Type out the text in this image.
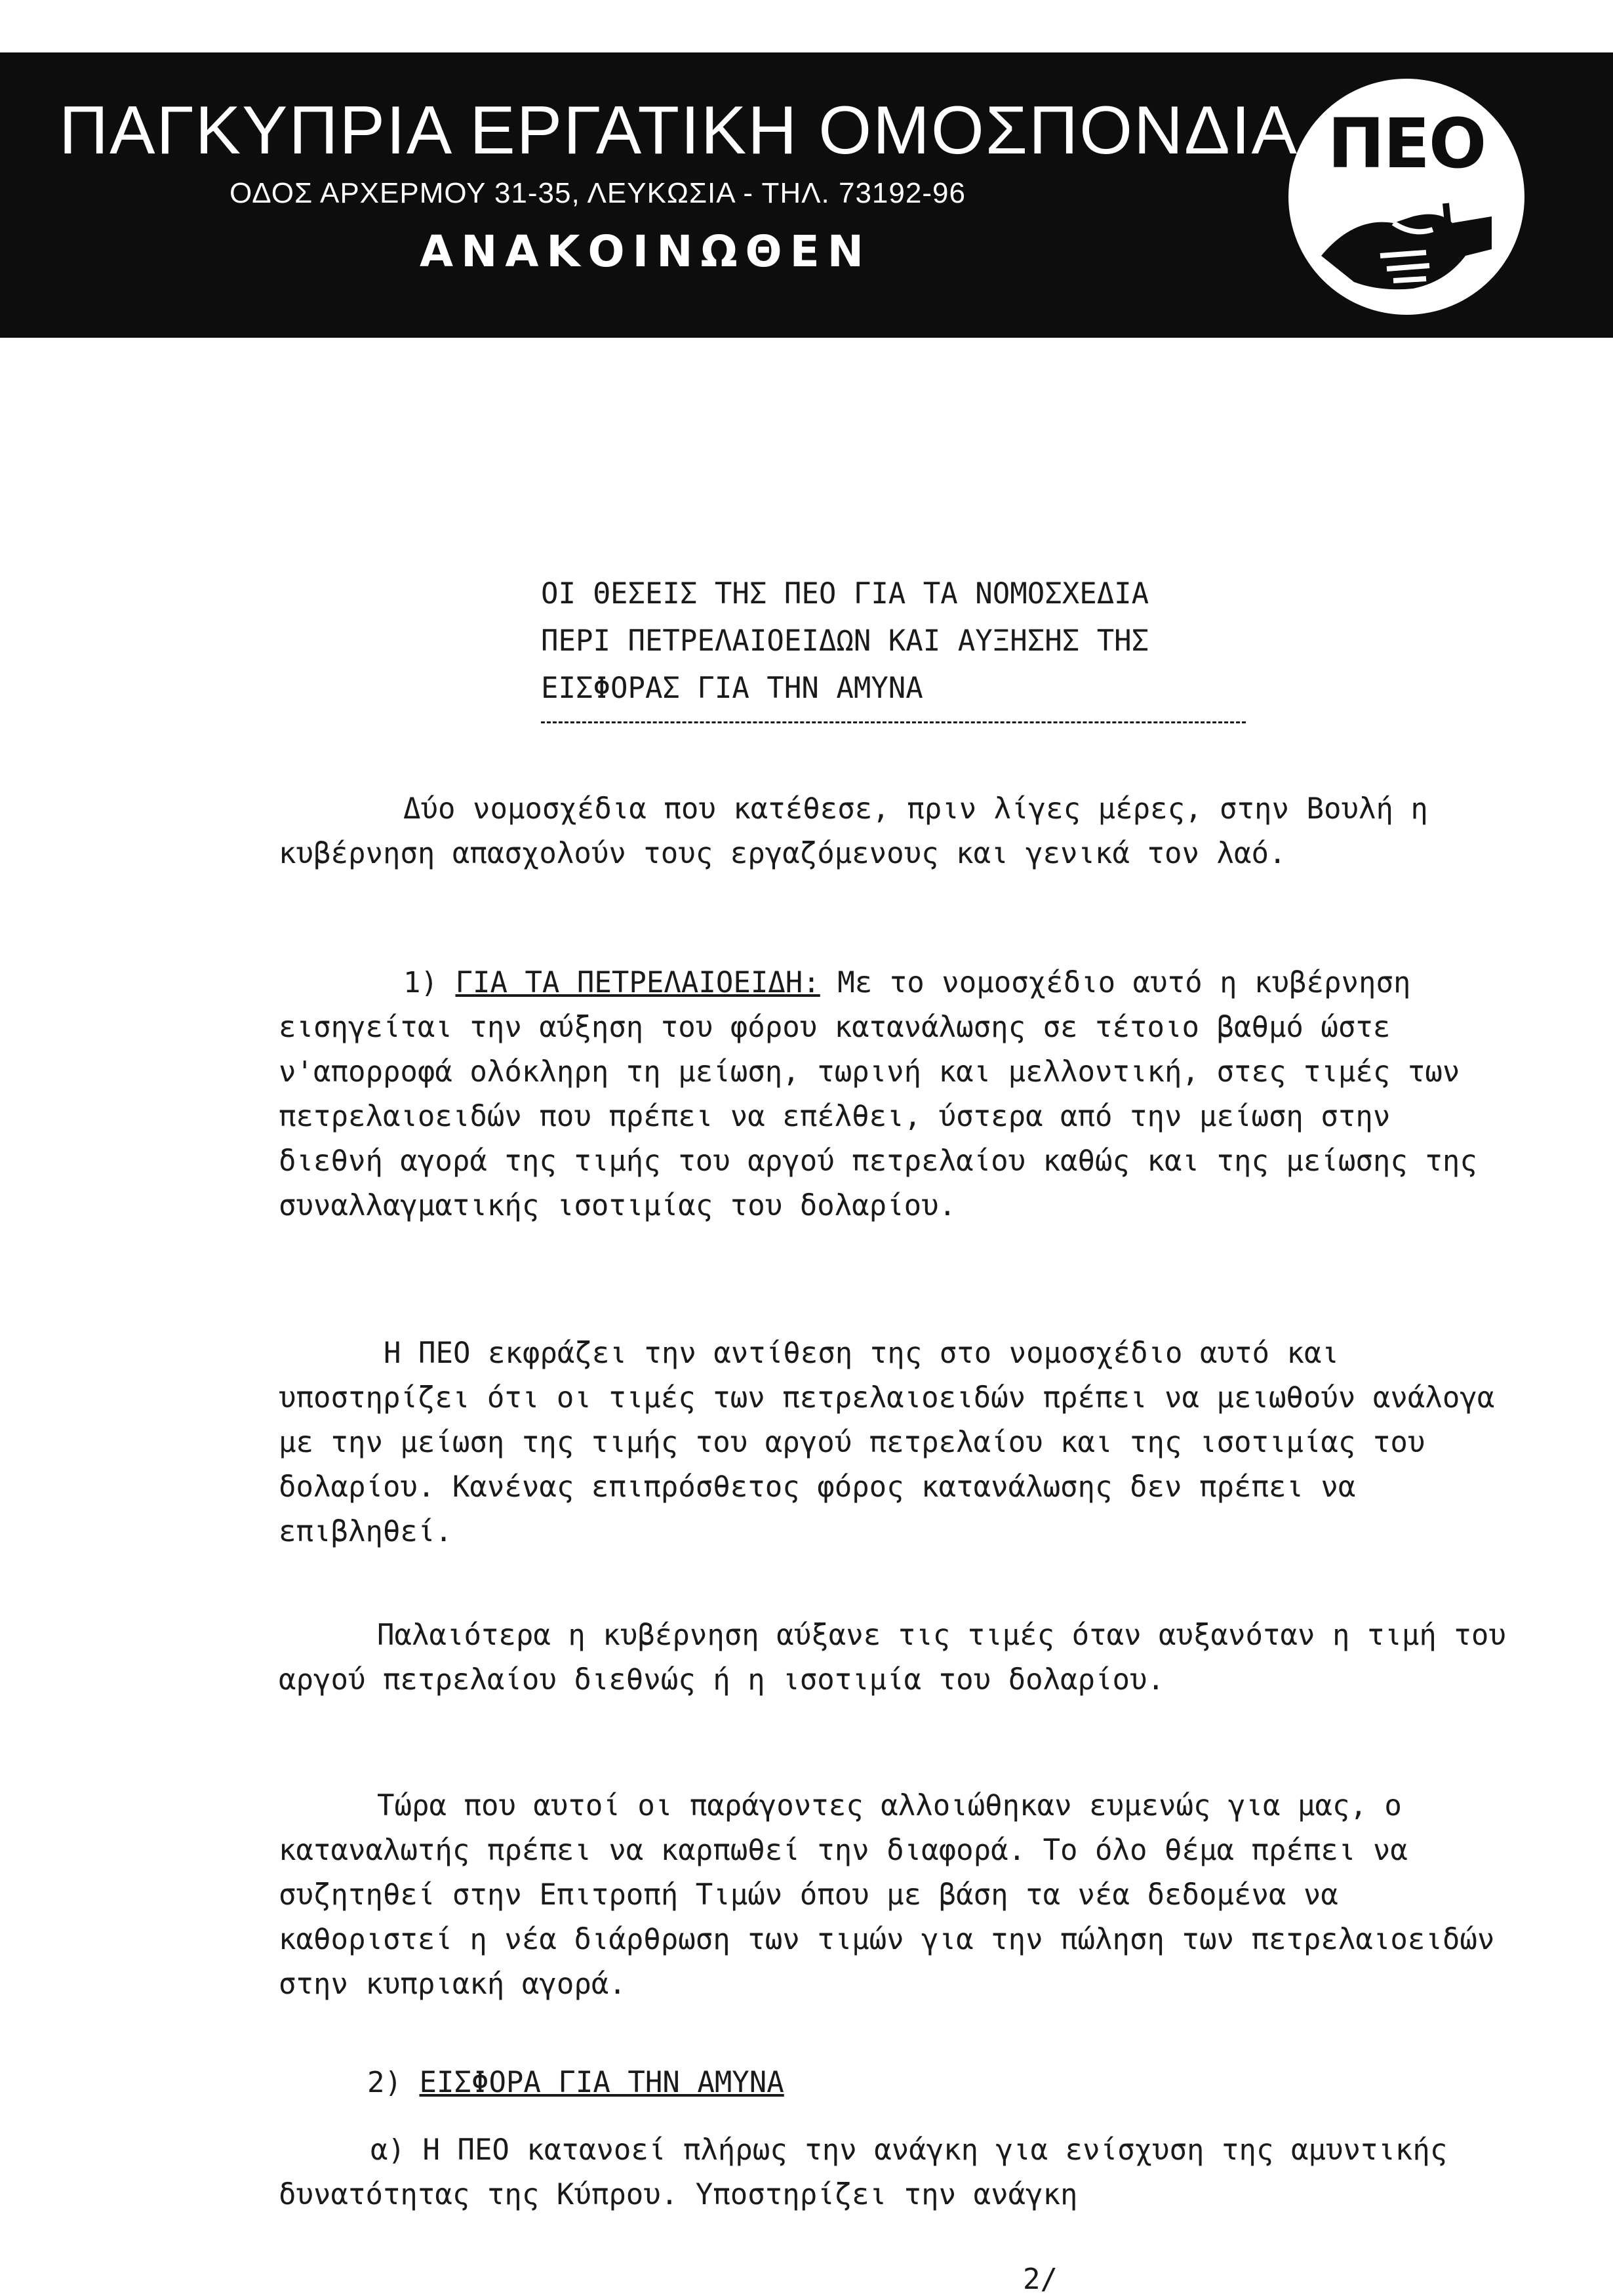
ΠΑΓΚΥΠΡΙΑ ΕΡΓΑΤΙΚΗ ΟΜΟΣΠΟΝΔΙΑ
ΟΔΟΣ ΑΡΧΕΡΜΟΥ 31-35, ΛΕΥΚΩΣΙΑ - ΤΗΛ. 73192-96
ΑΝΑΚΟΙΝΩΘΕΝ
ΠΕΟ
ΟΙ ΘΕΣΕΙΣ ΤΗΣ ΠΕΟ ΓΙΑ ΤΑ ΝΟΜΟΣΧΕΔΙΑ
ΠΕΡΙ ΠΕΤΡΕΛΑΙΟΕΙΔΩΝ ΚΑΙ ΑΥΞΗΣΗΣ ΤΗΣ
ΕΙΣΦΟΡΑΣ ΓΙΑ ΤΗΝ ΑΜΥΝΑ

Δύο νομοσχέδια που κατέθεσε, πριν λίγες μέρες, στην Βουλή η κυβέρνηση απασχολούν τους εργαζόμενους και γενικά τον λαό.

1) ΓΙΑ ΤΑ ΠΕΤΡΕΛΑΙΟΕΙΔΗ: Με το νομοσχέδιο αυτό η κυβέρνηση εισηγείται την αύξηση του φόρου κατανάλωσης σε τέτοιο βαθμό ώστε ν'απορροφά ολόκληρη τη μείωση, τωρινή και μελλοντική, στες τιμές των πετρελαιοειδών που πρέπει να επέλθει, ύστερα από την μείωση στην διεθνή αγορά της τιμής του αργού πετρελαίου καθώς και της μείωσης της συναλλαγματικής ισοτιμίας του δολαρίου.

Η ΠΕΟ εκφράζει την αντίθεση της στο νομοσχέδιο αυτό και υποστηρίζει ότι οι τιμές των πετρελαιοειδών πρέπει να μειωθούν ανάλογα με την μείωση της τιμής του αργού πετρελαίου και της ισοτιμίας του δολαρίου. Κανένας επιπρόσθετος φόρος κατανάλωσης δεν πρέπει να επιβληθεί.

Παλαιότερα η κυβέρνηση αύξανε τις τιμές όταν αυξανόταν η τιμή του αργού πετρελαίου διεθνώς ή η ισοτιμία του δολαρίου.

Τώρα που αυτοί οι παράγοντες αλλοιώθηκαν ευμενώς για μας, ο καταναλωτής πρέπει να καρπωθεί την διαφορά. Το όλο θέμα πρέπει να συζητηθεί στην Επιτροπή Τιμών όπου με βάση τα νέα δεδομένα να καθοριστεί η νέα διάρθρωση των τιμών για την πώληση των πετρελαιοειδών στην κυπριακή αγορά.

2) ΕΙΣΦΟΡΑ ΓΙΑ ΤΗΝ ΑΜΥΝΑ

α) Η ΠΕΟ κατανοεί πλήρως την ανάγκη για ενίσχυση της αμυντικής δυνατότητας της Κύπρου. Υποστηρίζει την ανάγκη

2/
